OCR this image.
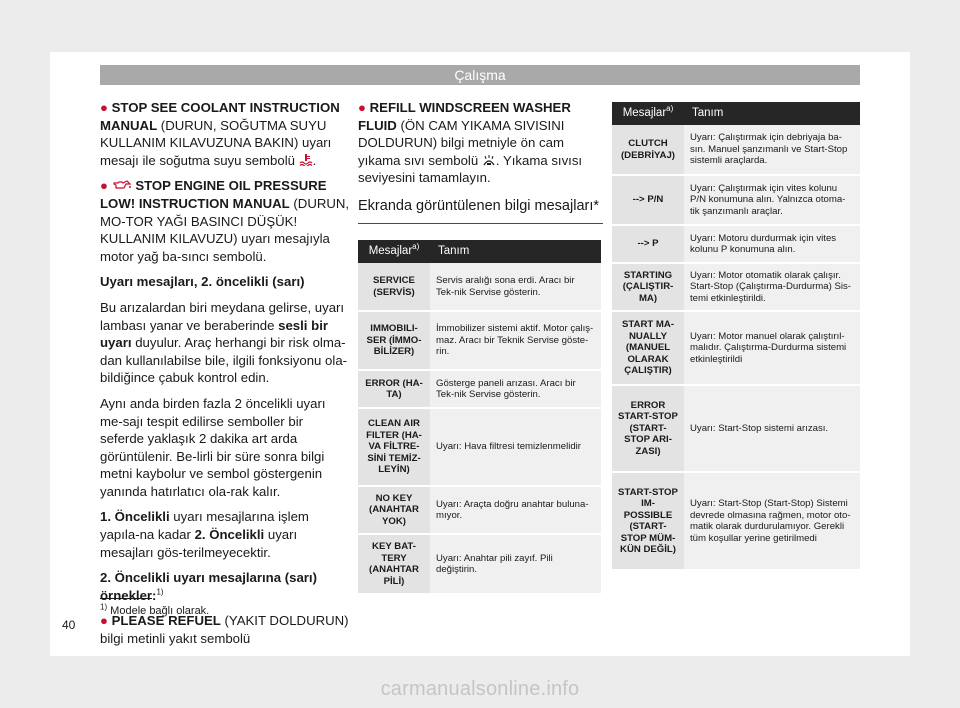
Çalışma

● STOP SEE COOLANT INSTRUCTION MANUAL (DURUN, SOĞUTMA SUYU KULLANIM KILAVUZUNA BAKIN) uyarı mesajı ile soğutma suyu sembolü .

● STOP ENGINE OIL PRESSURE LOW! INSTRUCTION MANUAL (DURUN, MO-TOR YAĞI BASINCI DÜŞÜK! KULLANIM KILAVUZU) uyarı mesajıyla motor yağ ba-sıncı sembolü.

Uyarı mesajları, 2. öncelikli (sarı)

Bu arızalardan biri meydana gelirse, uyarı lambası yanar ve beraberinde sesli bir uyarı duyulur. Araç herhangi bir risk olma-dan kullanılabilse bile, ilgili fonksiyonu ola-bildiğince çabuk kontrol edin.

Aynı anda birden fazla 2 öncelikli uyarı me-sajı tespit edilirse semboller bir seferde yaklaşık 2 dakika art arda görüntülenir. Be-lirli bir süre sonra bilgi metni kaybolur ve sembol göstergenin yanında hatırlatıcı ola-rak kalır.

1. Öncelikli uyarı mesajlarına işlem yapıla-na kadar 2. Öncelikli uyarı mesajları gös-terilmeyecektir.

2. Öncelikli uyarı mesajlarına (sarı) örnekler:$^{1)}$

● PLEASE REFUEL (YAKIT DOLDURUN) bilgi metinli yakıt sembolü

● REFILL WINDSCREEN WASHER FLUID (ÖN CAM YIKAMA SIVISINI DOLDURUN) bilgi metniyle ön cam yıkama sıvı sembolü . Yıkama sıvısı seviyesini tamamlayın.

Ekranda görüntülenen bilgi mesajları*
Mesajlar$^{a)}$	Tanım
SERVICE (SERVİS)	Servis aralığı sona erdi. Aracı bir Tek-nik Servise gösterin.
IMMOBILI-SER (İMMO-BİLİZER)	İmmobilizer sistemi aktif. Motor çalış-maz. Aracı bir Teknik Servise göste-rin.
ERROR (HA-TA)	Gösterge paneli arızası. Aracı bir Tek-nik Servise gösterin.
CLEAN AIR FILTER (HA-VA FİLTRE-SİNİ TEMİZ-LEYİN)	Uyarı: Hava filtresi temizlenmelidir
NO KEY (ANAHTAR YOK)	Uyarı: Araçta doğru anahtar bulunа-mıyor.
KEY BAT-TERY (ANAHTAR PİLİ)	Uyarı: Anahtar pili zayıf. Pili değiştirin.
Mesajlar$^{a)}$	Tanım
CLUTCH (DEBRİYAJ)	Uyarı: Çalıştırmak için debriyaja ba-sın. Manuel şanzımanlı ve Start-Stop sistemli araçlarda.
--> P/N	Uyarı: Çalıştırmak için vites kolunu P/N konumuna alın. Yalnızca otoma-tik şanzımanlı araçlar.
--> P	Uyarı: Motoru durdurmak için vites kolunu P konumuna alın.
STARTING (ÇALIŞTIR-MA)	Uyarı: Motor otomatik olarak çalışır. Start-Stop (Çalıştırma-Durdurma) Sis-temi etkinleştirildi.
START MA-NUALLY (MANUEL OLARAK ÇALIŞTIR)	Uyarı: Motor manuel olarak çalıştırıl-malıdır. Çalıştırma-Durdurma sistemi etkinleştirildi
ERROR START-STOP (START-STOP ARI-ZASI)	Uyarı: Start-Stop sistemi arızası.
START-STOP IM-POSSIBLE (START-STOP MÜM-KÜN DEĞİL)	Uyarı: Start-Stop (Start-Stop) Sistemi devrede olmasına rağmen, motor oto-matik olarak durdurulamıyor. Gerekli tüm koşullar yerine getirilmedi
$^{1)}$ Modele bağlı olarak.
40
carmanualsonline.info
